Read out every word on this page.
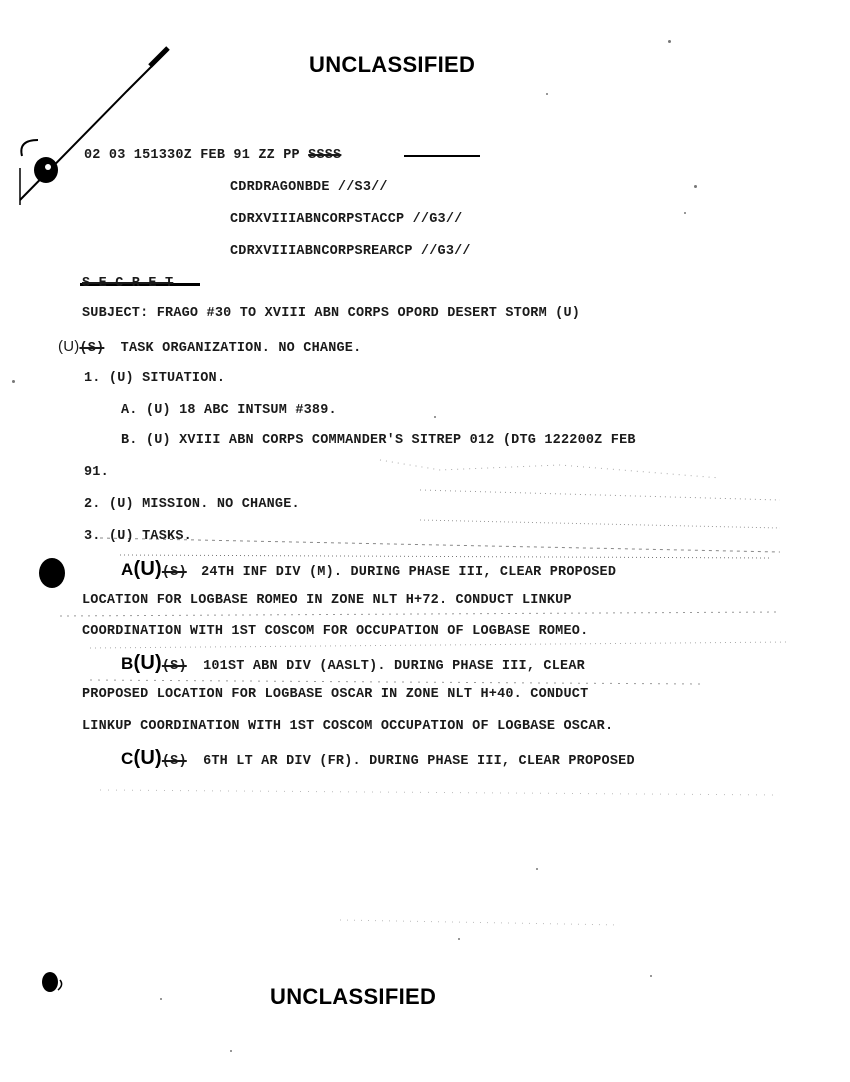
UNCLASSIFIED
02 03 151330Z FEB 91 ZZ PP SSSS
CDRDRAGONBDE //S3//
CDRXVIIIABNCORPSTACCP //G3//
CDRXVIIIABNCORPSREARCP //G3//
S E C R E T
SUBJECT: FRAGO #30 TO XVIII ABN CORPS OPORD DESERT STORM (U)
(U)(S) TASK ORGANIZATION. NO CHANGE.
1. (U) SITUATION.
A. (U) 18 ABC INTSUM #389.
B. (U) XVIII ABN CORPS COMMANDER'S SITREP 012 (DTG 122200Z FEB
91.
2. (U) MISSION. NO CHANGE.
3. (U) TASKS.
A(U)(S) 24TH INF DIV (M). DURING PHASE III, CLEAR PROPOSED
LOCATION FOR LOGBASE ROMEO IN ZONE NLT H+72. CONDUCT LINKUP
COORDINATION WITH 1ST COSCOM FOR OCCUPATION OF LOGBASE ROMEO.
B(U)(S) 101ST ABN DIV (AASLT). DURING PHASE III, CLEAR
PROPOSED LOCATION FOR LOGBASE OSCAR IN ZONE NLT H+40. CONDUCT
LINKUP COORDINATION WITH 1ST COSCOM OCCUPATION OF LOGBASE OSCAR.
C(U)(S) 6TH LT AR DIV (FR). DURING PHASE III, CLEAR PROPOSED
UNCLASSIFIED
